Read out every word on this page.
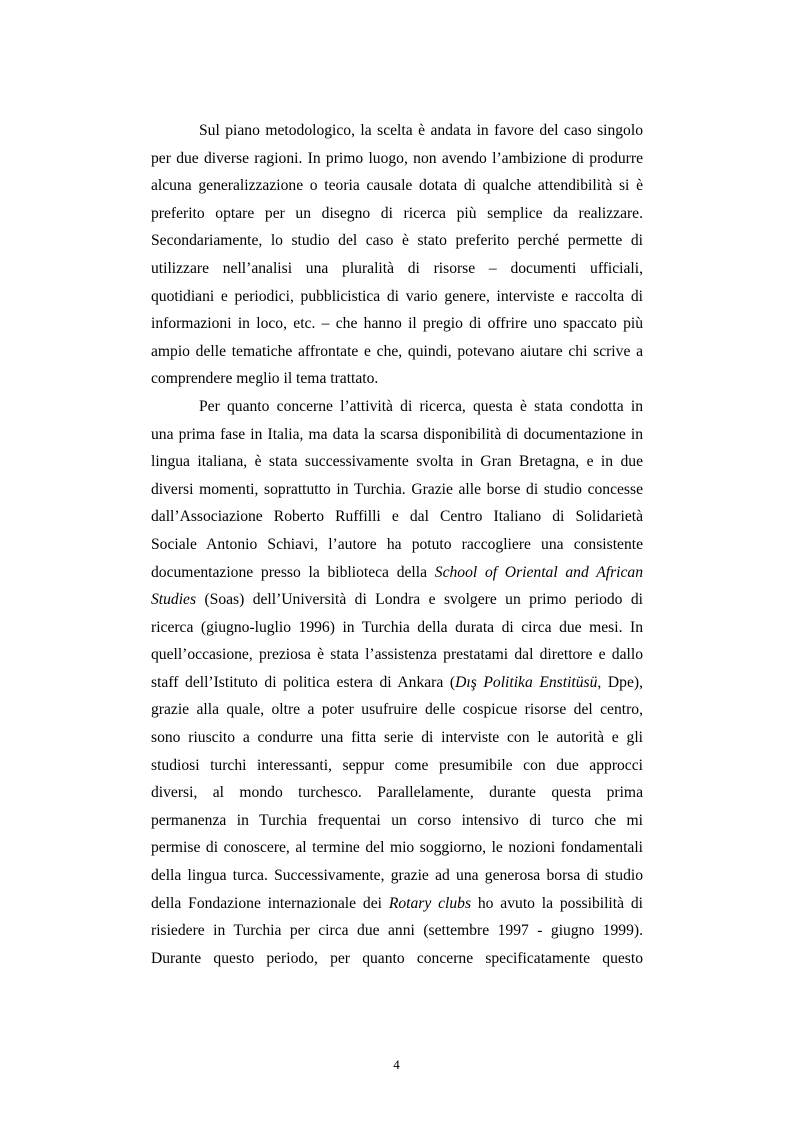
Sul piano metodologico, la scelta è andata in favore del caso singolo
per due diverse ragioni. In primo luogo, non avendo l’ambizione di produrre
alcuna generalizzazione o teoria causale dotata di qualche attendibilità si è
preferito optare per un disegno di ricerca più semplice da realizzare.
Secondariamente, lo studio del caso è stato preferito perché permette di
utilizzare nell’analisi una pluralità di risorse – documenti ufficiali,
quotidiani e periodici, pubblicistica di vario genere, interviste e raccolta di
informazioni in loco, etc. – che hanno il pregio di offrire uno spaccato più
ampio delle tematiche affrontate e che, quindi, potevano aiutare chi scrive a
comprendere meglio il tema trattato.
Per quanto concerne l’attività di ricerca, questa è stata condotta in
una prima fase in Italia, ma data la scarsa disponibilità di documentazione in
lingua italiana, è stata successivamente svolta in Gran Bretagna, e in due
diversi momenti, soprattutto in Turchia. Grazie alle borse di studio concesse
dall’Associazione Roberto Ruffilli e dal Centro Italiano di Solidarietà
Sociale Antonio Schiavi, l’autore ha potuto raccogliere una consistente
documentazione presso la biblioteca della School of Oriental and African
Studies (Soas) dell’Università di Londra e svolgere un primo periodo di
ricerca (giugno-luglio 1996) in Turchia della durata di circa due mesi. In
quell’occasione, preziosa è stata l’assistenza prestatami dal direttore e dallo
staff dell’Istituto di politica estera di Ankara (Dış Politika Enstitüsü, Dpe),
grazie alla quale, oltre a poter usufruire delle cospicue risorse del centro,
sono riuscito a condurre una fitta serie di interviste con le autorità e gli
studiosi turchi interessanti, seppur come presumibile con due approcci
diversi, al mondo turchesco. Parallelamente, durante questa prima
permanenza in Turchia frequentai un corso intensivo di turco che mi
permise di conoscere, al termine del mio soggiorno, le nozioni fondamentali
della lingua turca. Successivamente, grazie ad una generosa borsa di studio
della Fondazione internazionale dei Rotary clubs ho avuto la possibilità di
risiedere in Turchia per circa due anni (settembre 1997 - giugno 1999).
Durante questo periodo, per quanto concerne specificatamente questo
4
